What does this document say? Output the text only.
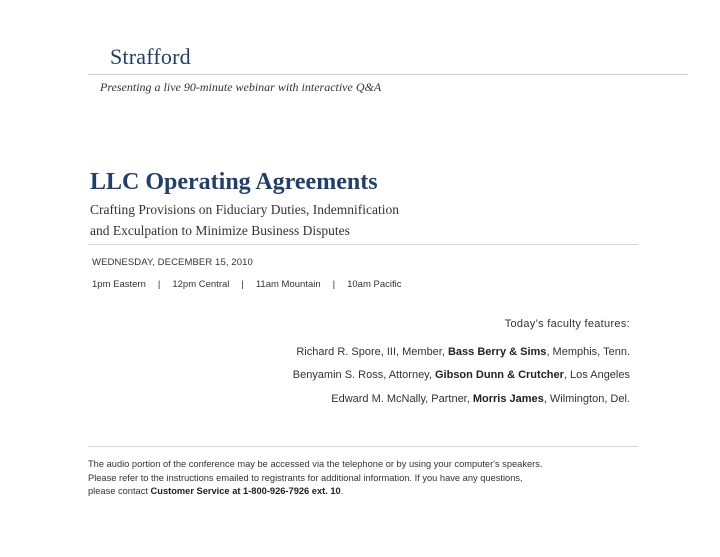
Strafford
Presenting a live 90-minute webinar with interactive Q&A
LLC Operating Agreements
Crafting Provisions on Fiduciary Duties, Indemnification
and Exculpation to Minimize Business Disputes
WEDNESDAY, DECEMBER 15, 2010
1pm Eastern | 12pm Central | 11am Mountain | 10am Pacific
Today’s faculty features:
Richard R. Spore, III, Member, Bass Berry & Sims, Memphis, Tenn.
Benyamin S. Ross, Attorney, Gibson Dunn & Crutcher, Los Angeles
Edward M. McNally, Partner, Morris James, Wilmington, Del.
The audio portion of the conference may be accessed via the telephone or by using your computer's speakers.
Please refer to the instructions emailed to registrants for additional information. If you have any questions,
please contact Customer Service at 1-800-926-7926 ext. 10.
